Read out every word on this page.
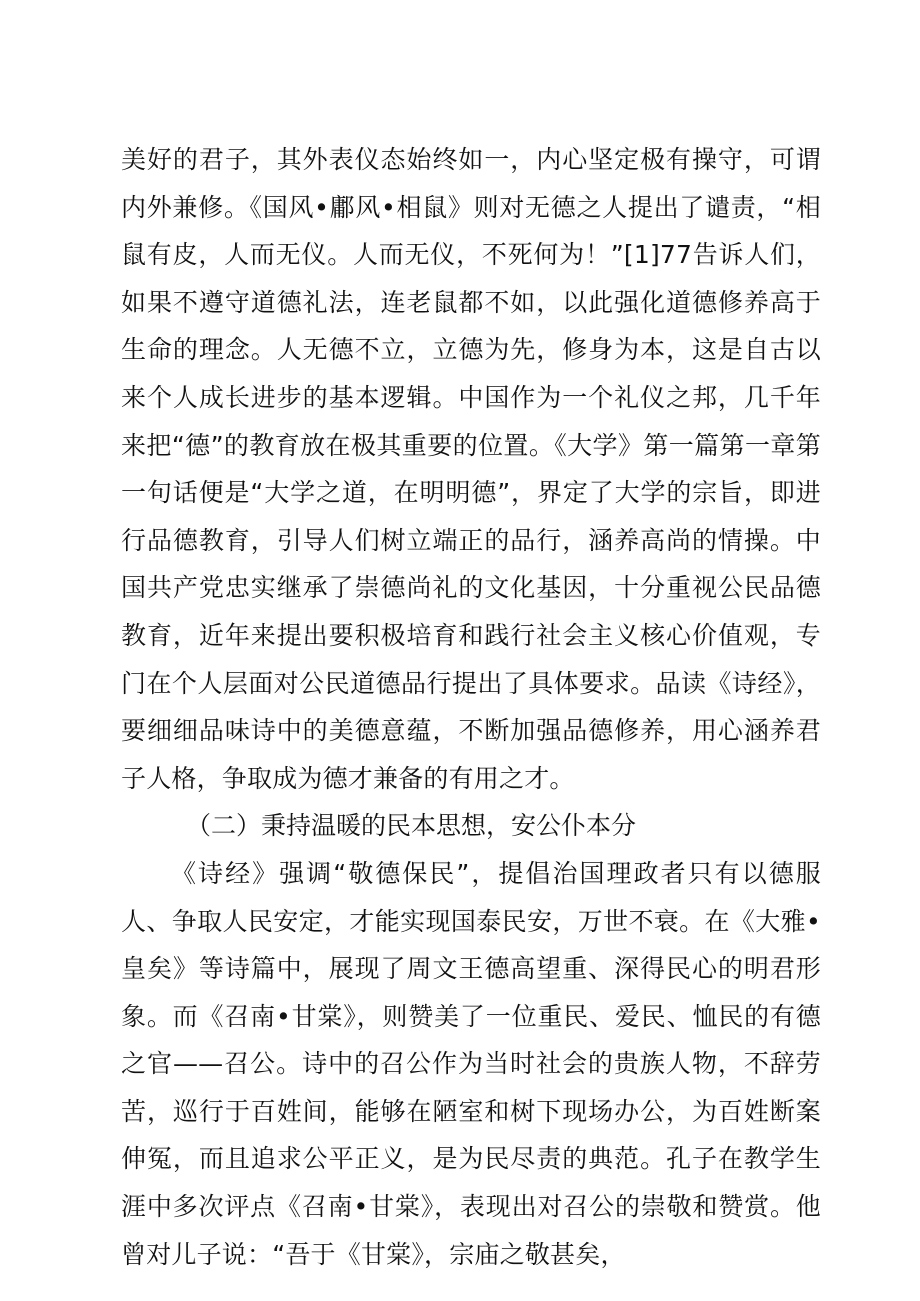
美好的君子，其外表仪态始终如一，内心坚定极有操守，可谓内外兼修。《国风•鄘风•相鼠》则对无德之人提出了谴责，“相鼠有皮，人而无仪。人而无仪，不死何为！”[1]77告诉人们，如果不遵守道德礼法，连老鼠都不如，以此强化道德修养高于生命的理念。人无德不立，立德为先，修身为本，这是自古以来个人成长进步的基本逻辑。中国作为一个礼仪之邦，几千年来把“德”的教育放在极其重要的位置。《大学》第一篇第一章第一句话便是“大学之道，在明明德”，界定了大学的宗旨，即进行品德教育，引导人们树立端正的品行，涵养高尚的情操。中国共产党忠实继承了崇德尚礼的文化基因，十分重视公民品德教育，近年来提出要积极培育和践行社会主义核心价值观，专门在个人层面对公民道德品行提出了具体要求。品读《诗经》，要细细品味诗中的美德意蕴，不断加强品德修养，用心涵养君子人格，争取成为德才兼备的有用之才。

（二）秉持温暖的民本思想，安公仆本分

《诗经》强调“敬德保民”，提倡治国理政者只有以德服人、争取人民安定，才能实现国泰民安，万世不衰。在《大雅•皇矣》等诗篇中，展现了周文王德高望重、深得民心的明君形象。而《召南•甘棠》，则赞美了一位重民、爱民、恤民的有德之官——召公。诗中的召公作为当时社会的贵族人物，不辞劳苦，巡行于百姓间，能够在陋室和树下现场办公，为百姓断案伸冤，而且追求公平正义，是为民尽责的典范。孔子在教学生涯中多次评点《召南•甘棠》，表现出对召公的崇敬和赞赏。他曾对儿子说：“吾于《甘棠》，宗庙之敬甚矣，
